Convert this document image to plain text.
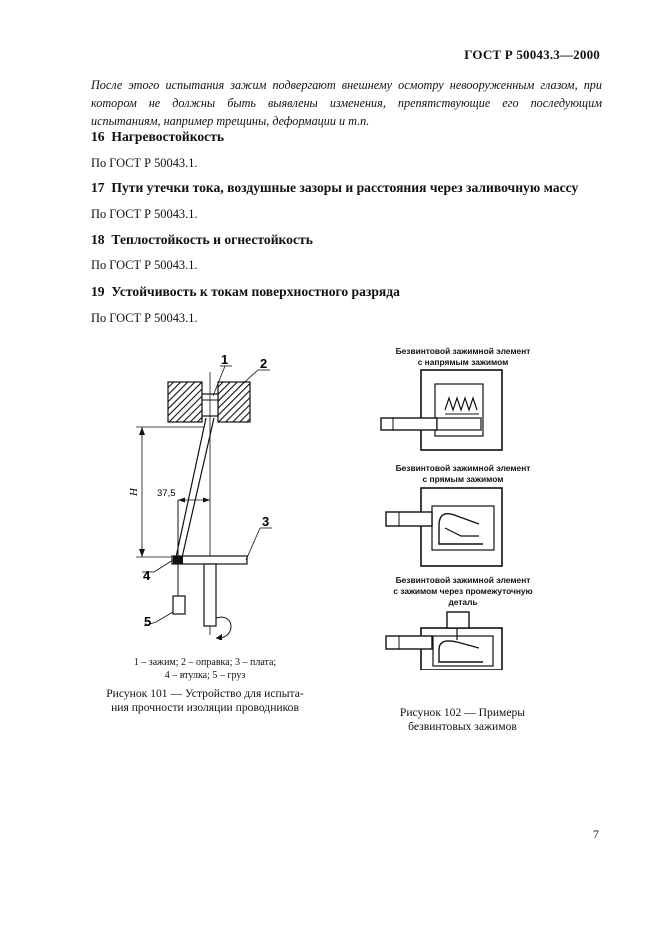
ГОСТ Р 50043.3—2000
После этого испытания зажим подвергают внешнему осмотру невооруженным глазом, при котором не должны быть выявлены изменения, препятствующие его последующим испытаниям, например трещины, деформации и т.п.
16 Нагревостойкость
По ГОСТ Р 50043.1.
17 Пути утечки тока, воздушные зазоры и расстояния через заливочную массу
По ГОСТ Р 50043.1.
18 Теплостойкость и огнестойкость
По ГОСТ Р 50043.1.
19 Устойчивость к токам поверхностного разряда
По ГОСТ Р 50043.1.
H 37,5
1 2
3
4
5
1 – зажим; 2 – оправка; 3 – плата;
4 – втулка; 5 – груз
Рисунок 101 — Устройство для испыта-
ния прочности изоляции проводников
Безвинтовой зажимной элемент
с напрямым зажимом
Безвинтовой зажимной элемент
с прямым зажимом
Безвинтовой зажимной элемент
с зажимом через промежуточную
деталь
Рисунок 102 — Примеры
безвинтовых зажимов
7
